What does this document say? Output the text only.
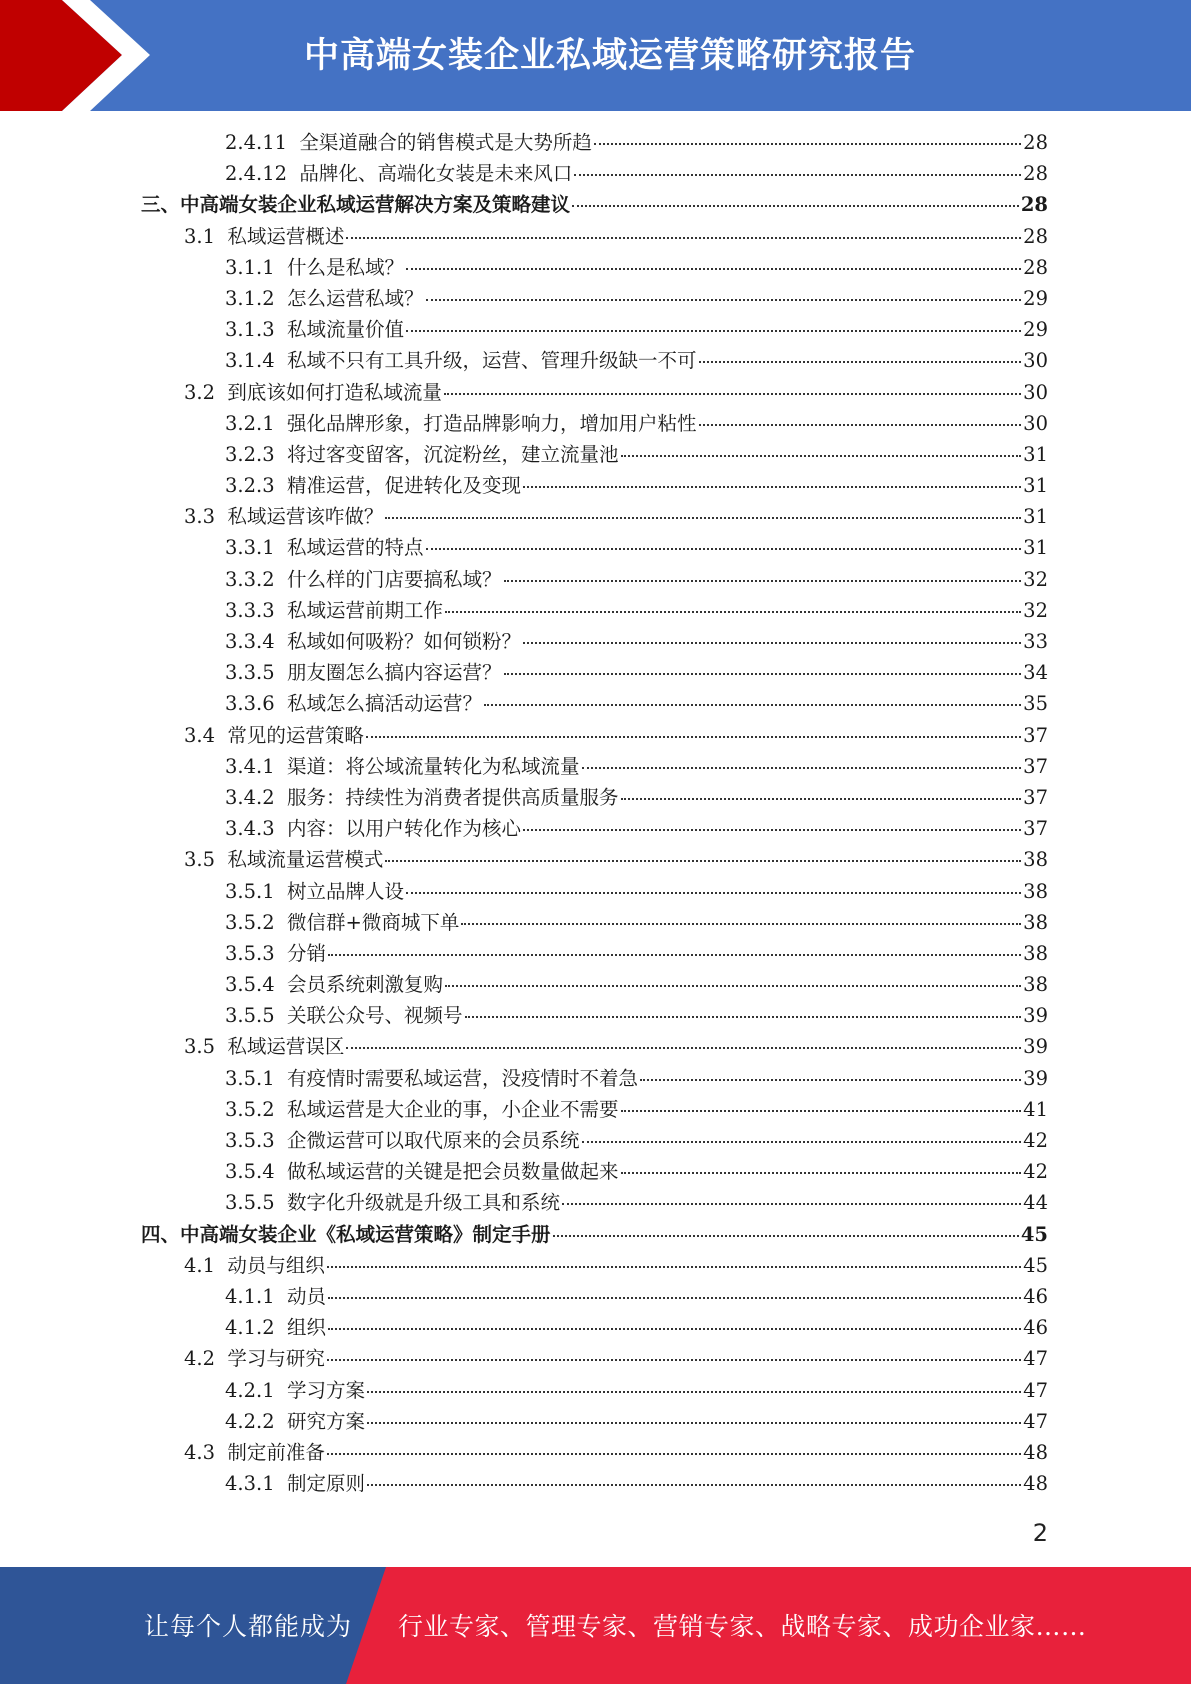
中高端女装企业私域运营策略研究报告
2.4.11  全渠道融合的销售模式是大势所趋	28
2.4.12  品牌化、高端化女装是未来风口	28
三、中高端女装企业私域运营解决方案及策略建议	28
3.1  私域运营概述	28
3.1.1  什么是私域？	28
3.1.2  怎么运营私域？	29
3.1.3  私域流量价值	29
3.1.4  私域不只有工具升级，运营、管理升级缺一不可	30
3.2  到底该如何打造私域流量	30
3.2.1  强化品牌形象，打造品牌影响力，增加用户粘性	30
3.2.3  将过客变留客，沉淀粉丝，建立流量池	31
3.2.3  精准运营，促进转化及变现	31
3.3  私域运营该咋做？	31
3.3.1  私域运营的特点	31
3.3.2  什么样的门店要搞私域？	32
3.3.3  私域运营前期工作	32
3.3.4  私域如何吸粉？如何锁粉？	33
3.3.5  朋友圈怎么搞内容运营？	34
3.3.6  私域怎么搞活动运营？	35
3.4  常见的运营策略	37
3.4.1  渠道：将公域流量转化为私域流量	37
3.4.2  服务：持续性为消费者提供高质量服务	37
3.4.3  内容：以用户转化作为核心	37
3.5  私域流量运营模式	38
3.5.1  树立品牌人设	38
3.5.2  微信群+微商城下单	38
3.5.3  分销	38
3.5.4  会员系统刺激复购	38
3.5.5  关联公众号、视频号	39
3.5  私域运营误区	39
3.5.1  有疫情时需要私域运营，没疫情时不着急	39
3.5.2  私域运营是大企业的事，小企业不需要	41
3.5.3  企微运营可以取代原来的会员系统	42
3.5.4  做私域运营的关键是把会员数量做起来	42
3.5.5  数字化升级就是升级工具和系统	44
四、中高端女装企业《私域运营策略》制定手册	45
4.1  动员与组织	45
4.1.1  动员	46
4.1.2  组织	46
4.2  学习与研究	47
4.2.1  学习方案	47
4.2.2  研究方案	47
4.3  制定前准备	48
4.3.1  制定原则	48
2
让每个人都能成为 行业专家、管理专家、营销专家、战略专家、成功企业家……
